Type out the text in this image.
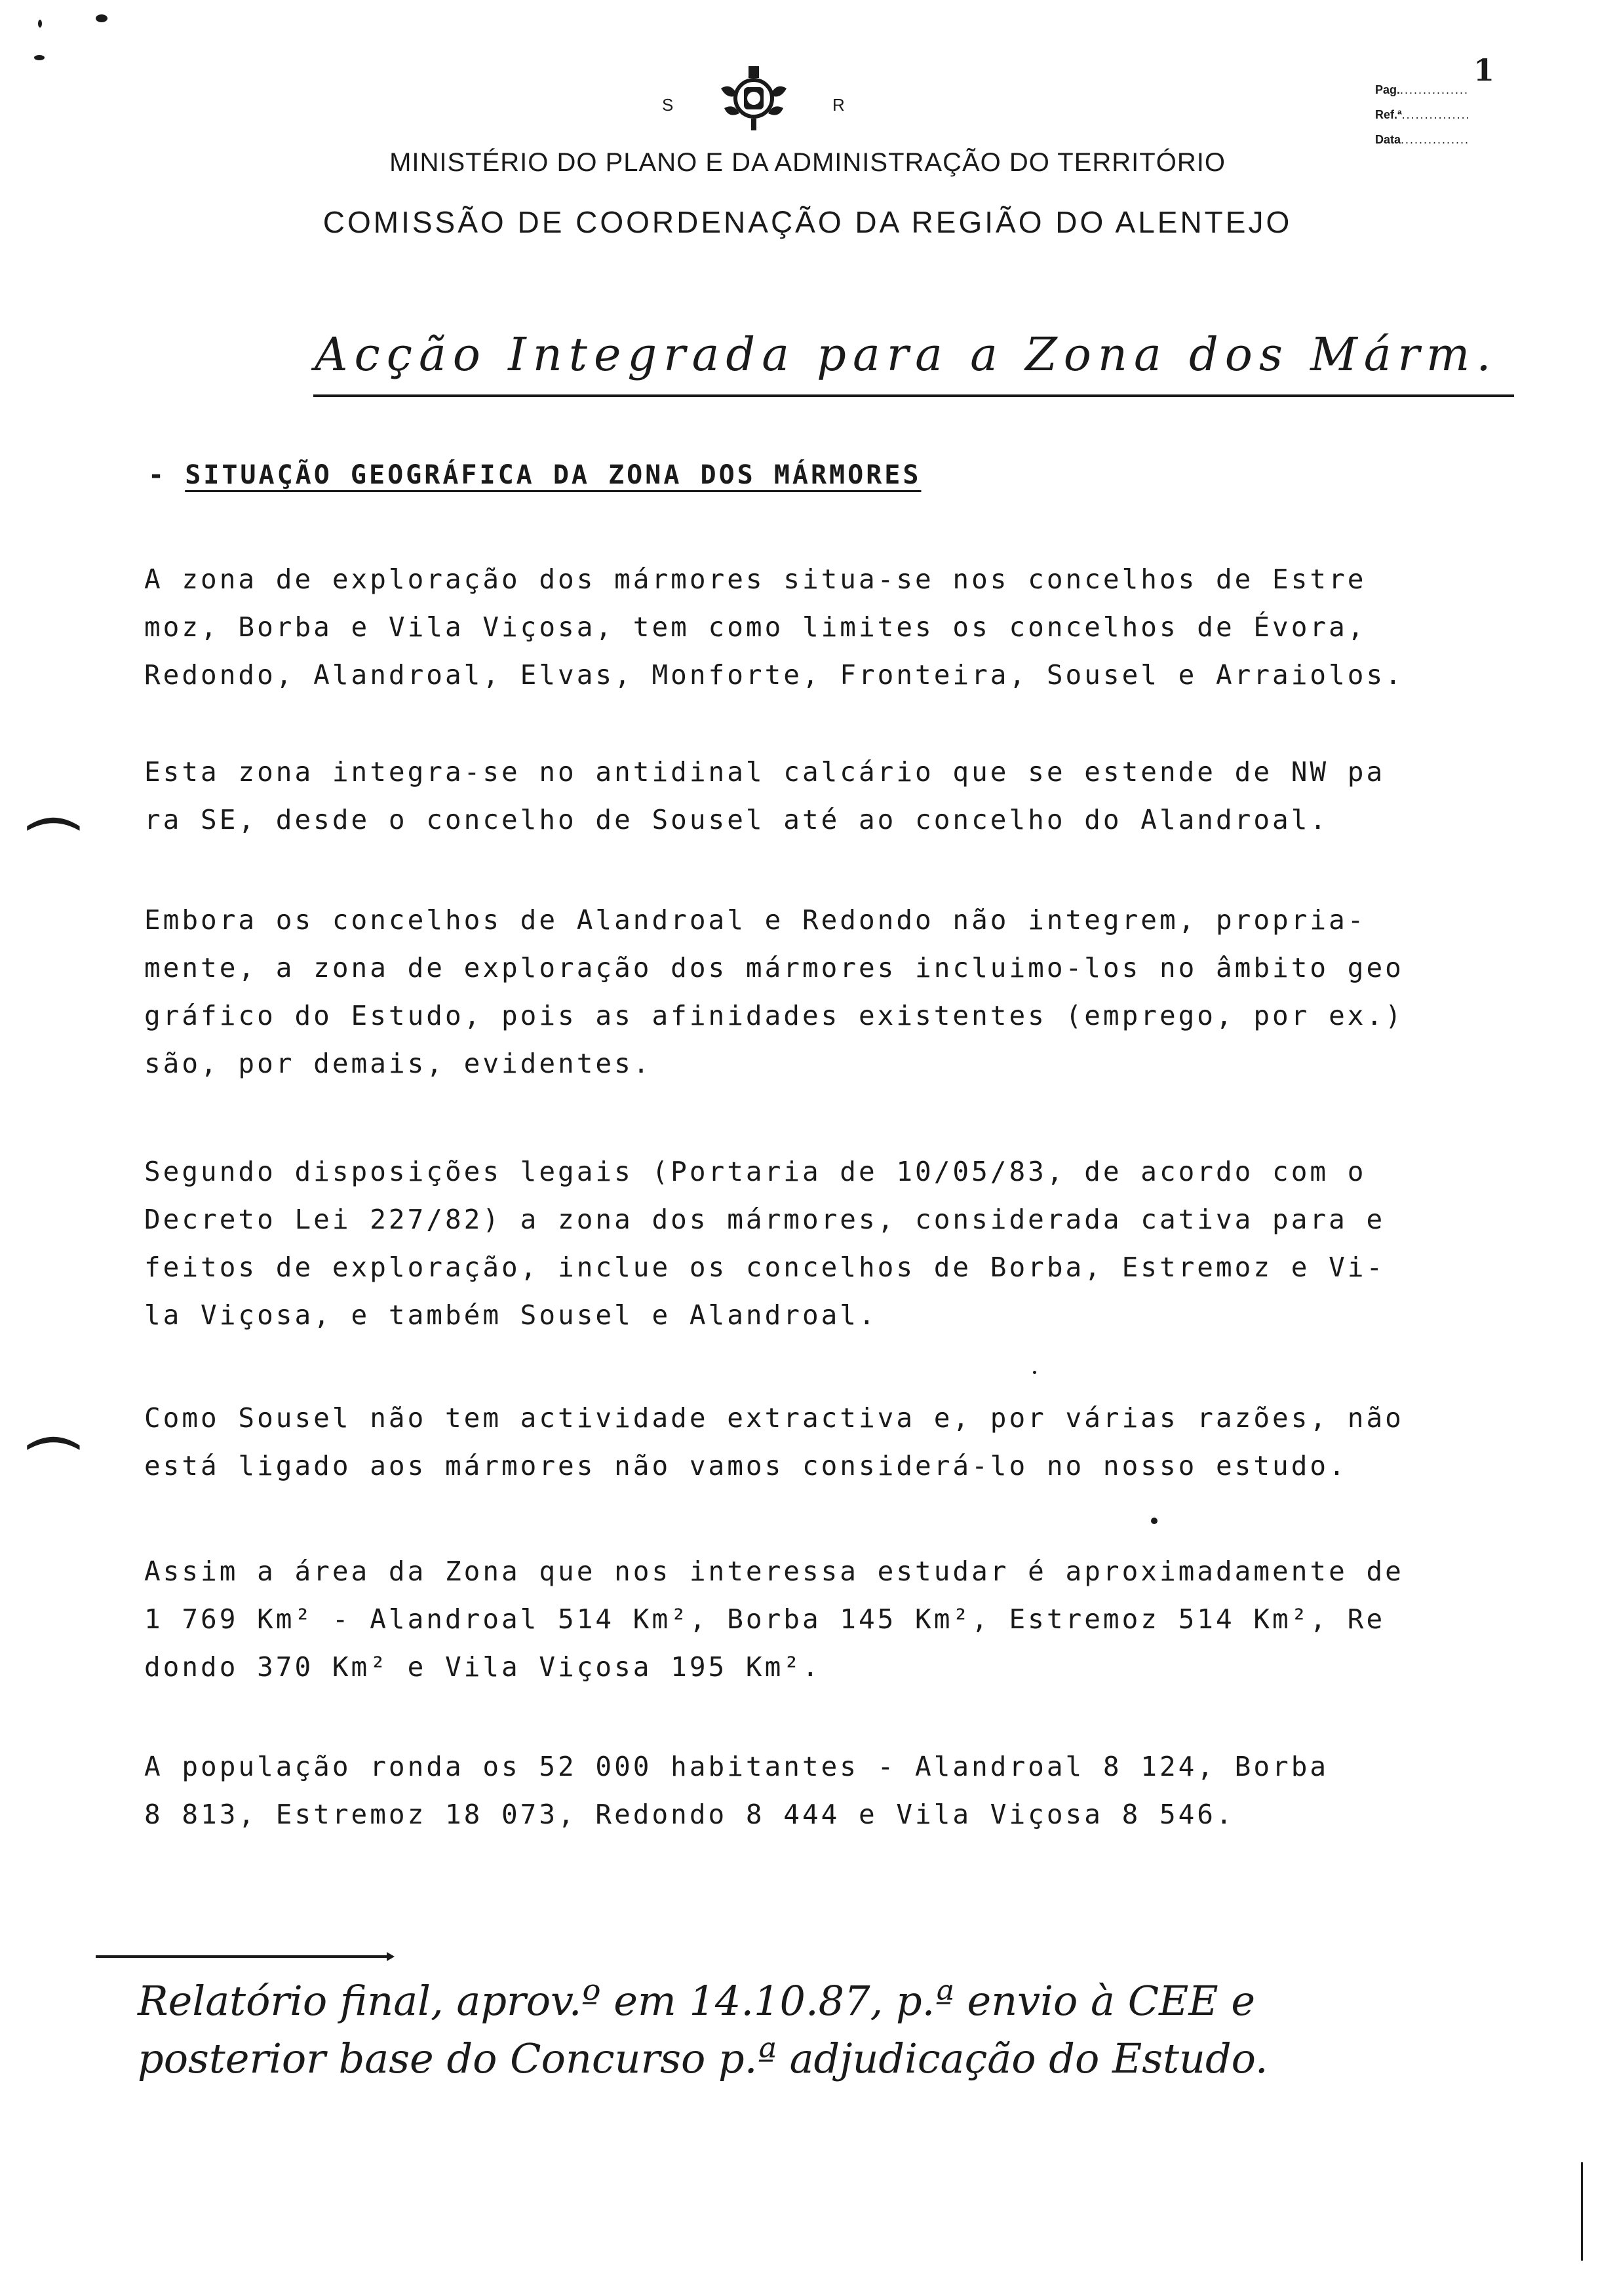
S	R
MINISTÉRIO DO PLANO E DA ADMINISTRAÇÃO DO TERRITÓRIO
COMISSÃO DE COORDENAÇÃO DA REGIÃO DO ALENTEJO
Pag................
1
Ref.ª...............
Data...............
Acção Integrada para a Zona dos Márm.
- SITUAÇÃO GEOGRÁFICA DA ZONA DOS MÁRMORES
A zona de exploração dos mármores situa-se nos concelhos de Estre
moz, Borba e Vila Viçosa, tem como limites os concelhos de Évora,
Redondo, Alandroal, Elvas, Monforte, Fronteira, Sousel e Arraiolos.
Esta zona integra-se no antidinal calcário que se estende de NW pa
ra SE, desde o concelho de Sousel até ao concelho do Alandroal.
Embora os concelhos de Alandroal e Redondo não integrem, propria-
mente, a zona de exploração dos mármores incluimo-los no âmbito geo
gráfico do Estudo, pois as afinidades existentes (emprego, por ex.)
são, por demais, evidentes.
Segundo disposições legais (Portaria de 10/05/83, de acordo com o
Decreto Lei 227/82) a zona dos mármores, considerada cativa para e
feitos de exploração, inclue os concelhos de Borba, Estremoz e Vi-
la Viçosa, e também Sousel e Alandroal.
Como Sousel não tem actividade extractiva e, por várias razões, não
está ligado aos mármores não vamos considerá-lo no nosso estudo.
Assim a área da Zona que nos interessa estudar é aproximadamente de
1 769 Km² - Alandroal 514 Km², Borba 145 Km², Estremoz 514 Km², Re
dondo 370 Km² e Vila Viçosa 195 Km².
A população ronda os 52 000 habitantes - Alandroal 8 124, Borba
8 813, Estremoz 18 073, Redondo 8 444 e Vila Viçosa 8 546.
(
(
Relatório final, aprov.º em 14.10.87, p.ª envio à CEE e
posterior base do Concurso p.ª adjudicação do Estudo.
